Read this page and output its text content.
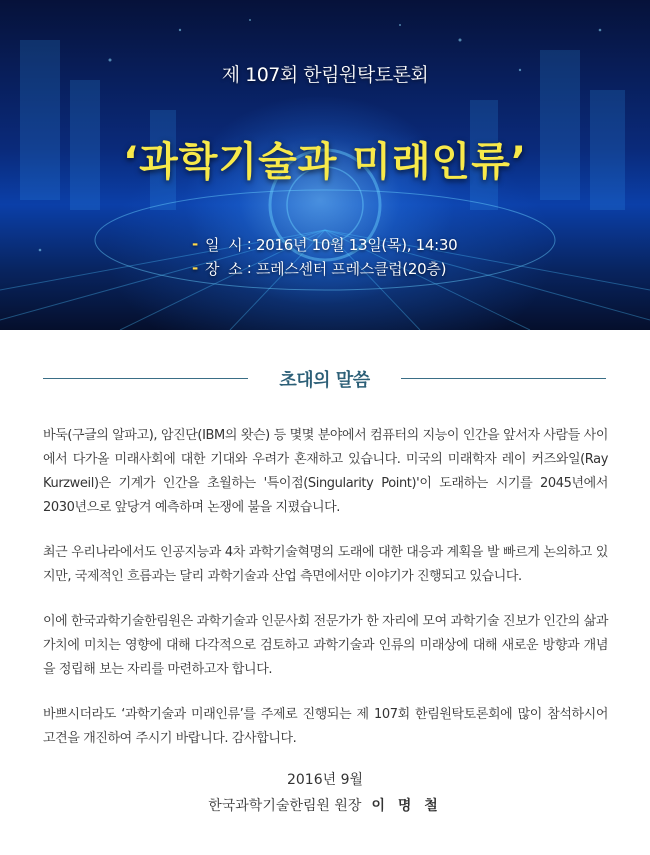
제 107회 한림원탁토론회
‘과학기술과 미래인류’
- 일  시 : 2016년 10월 13일(목), 14:30
- 장  소 : 프레스센터 프레스클럽(20층)
초대의 말씀

바둑(구글의 알파고), 암진단(IBM의 왓슨) 등 몇몇 분야에서 컴퓨터의 지능이 인간을 앞서자 사람들 사이에서 다가올 미래사회에 대한 기대와 우려가 혼재하고 있습니다. 미국의 미래학자 레이 커즈와일(Ray Kurzweil)은 기계가 인간을 초월하는 '특이점(Singularity Point)'이 도래하는 시기를 2045년에서 2030년으로 앞당겨 예측하며 논쟁에 불을 지폈습니다.

최근 우리나라에서도 인공지능과 4차 과학기술혁명의 도래에 대한 대응과 계획을 발 빠르게 논의하고 있지만, 국제적인 흐름과는 달리 과학기술과 산업 측면에서만 이야기가 진행되고 있습니다.

이에 한국과학기술한림원은 과학기술과 인문사회 전문가가 한 자리에 모여 과학기술 진보가 인간의 삶과 가치에 미치는 영향에 대해 다각적으로 검토하고 과학기술과 인류의 미래상에 대해 새로운 방향과 개념을 정립해 보는 자리를 마련하고자 합니다.

바쁘시더라도 ‘과학기술과 미래인류’를 주제로 진행되는 제 107회 한림원탁토론회에 많이 참석하시어 고견을 개진하여 주시기 바랍니다. 감사합니다.

2016년 9월
한국과학기술한림원 원장 이 명 철
